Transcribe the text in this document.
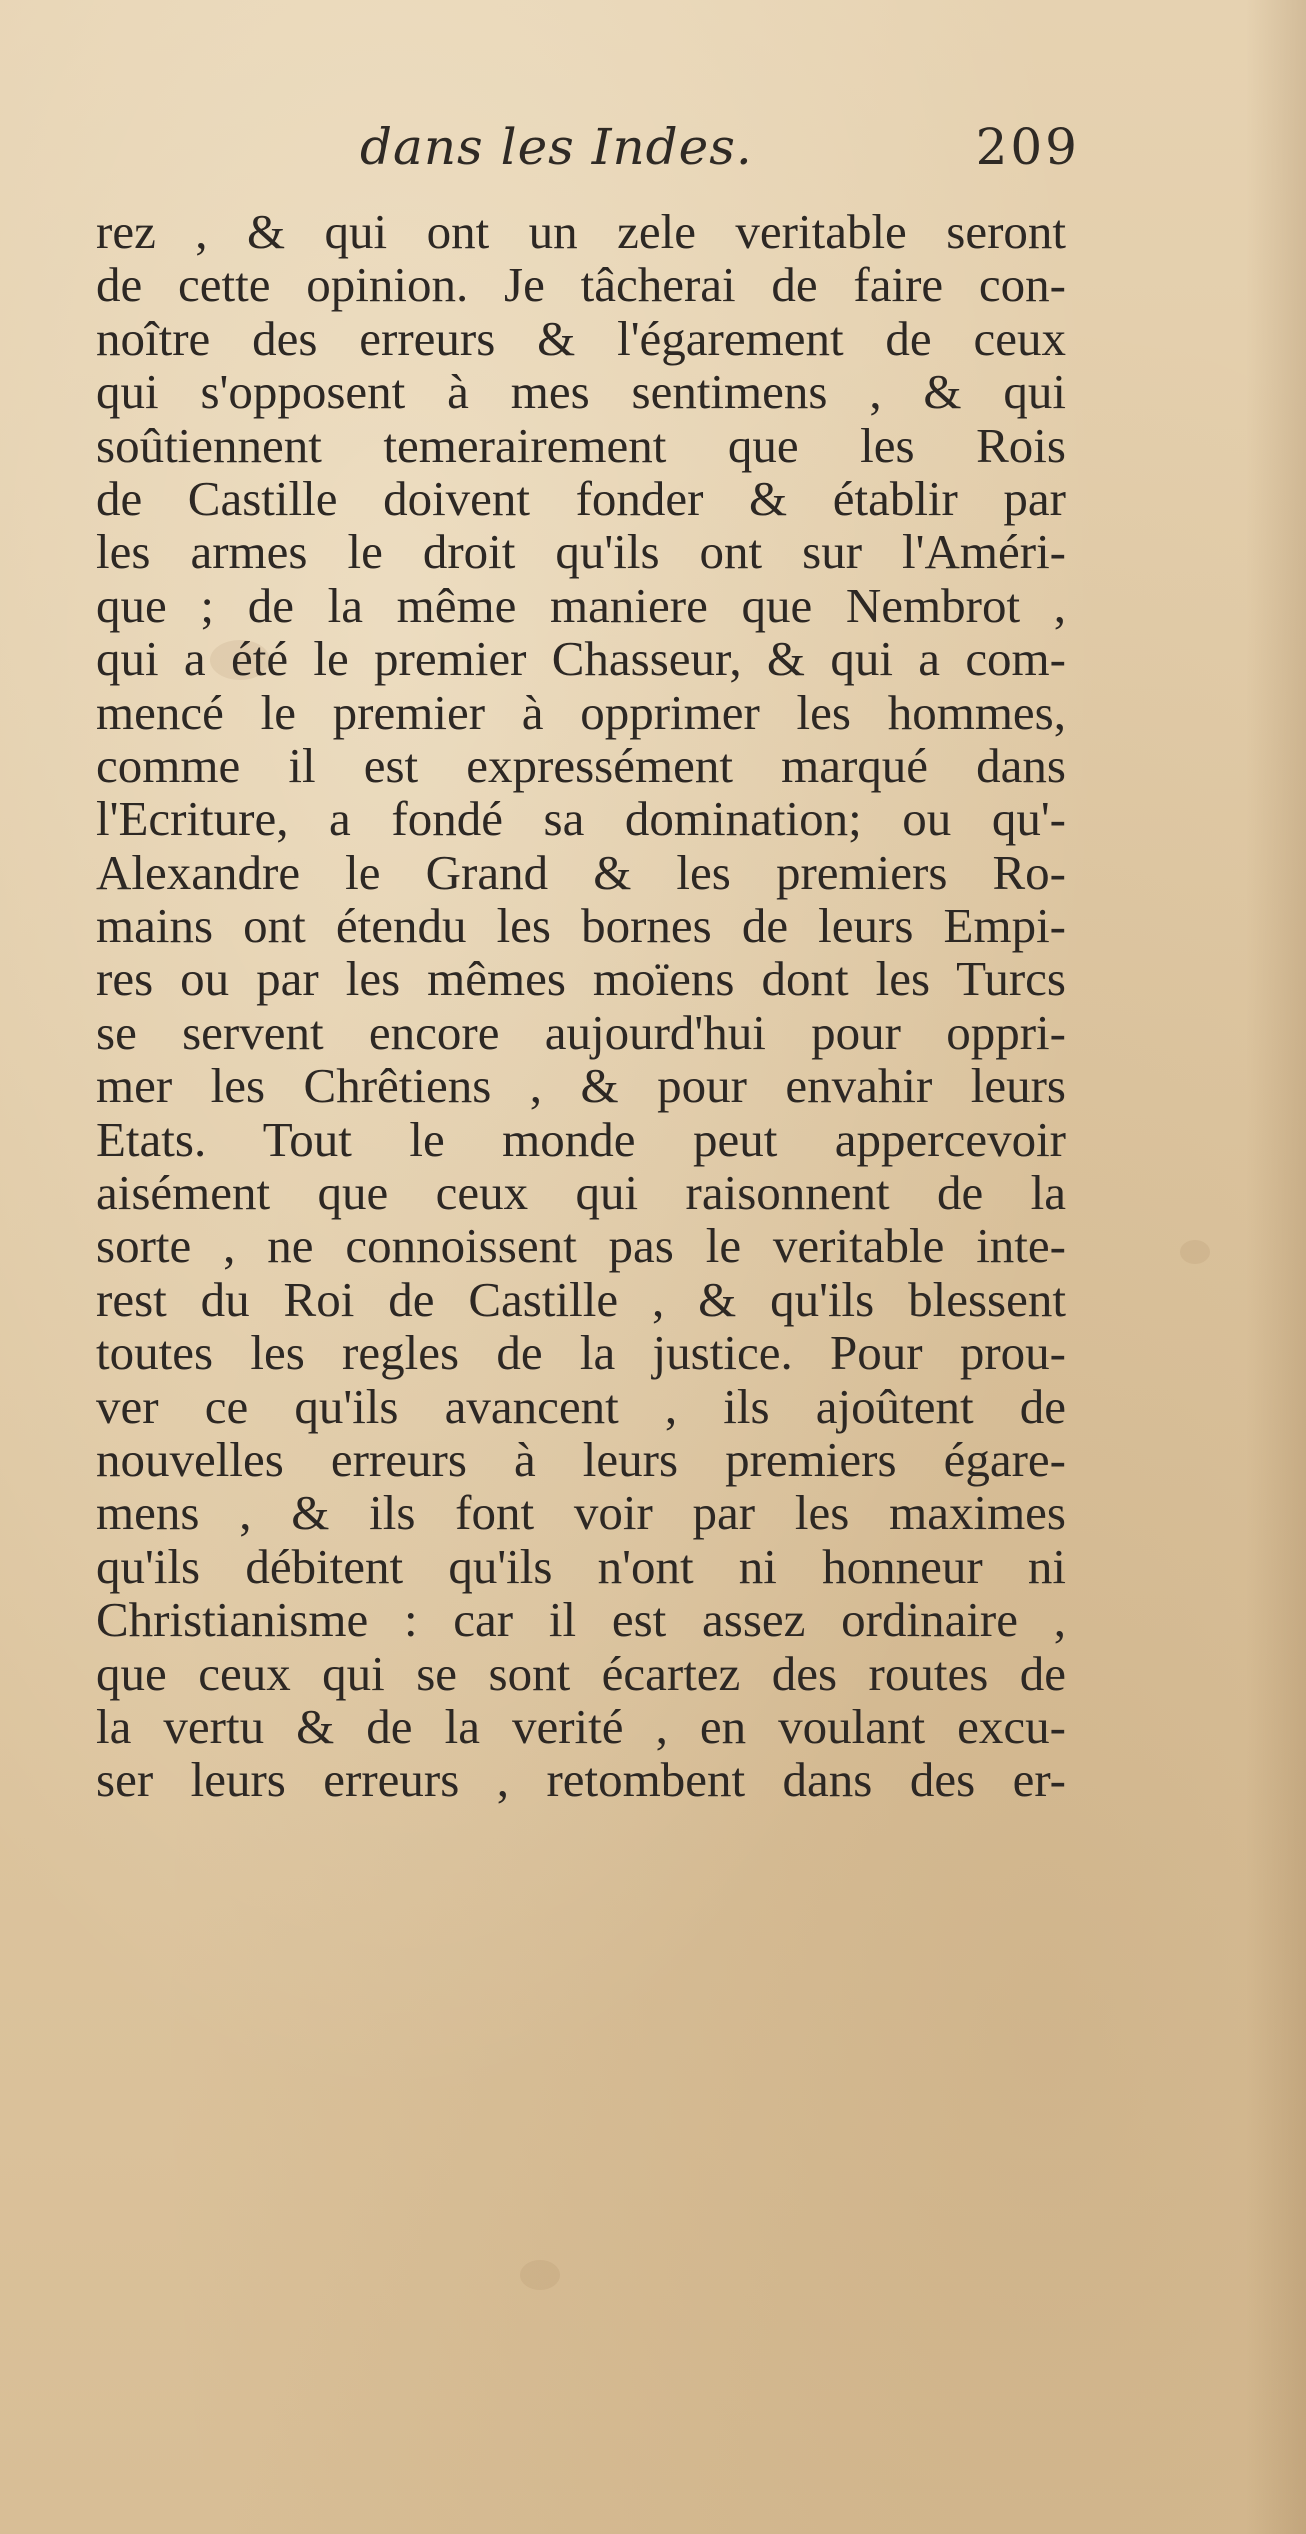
dans les Indes.	209
rez , & qui ont un zele veritable seront
de cette opinion. Je tâcherai de faire con-
noître des erreurs & l'égarement de ceux
qui s'opposent à mes sentimens , & qui
soûtiennent temerairement que les Rois
de Castille doivent fonder & établir par
les armes le droit qu'ils ont sur l'Améri-
que ; de la même maniere que Nembrot ,
qui a été le premier Chasseur, & qui a com-
mencé le premier à opprimer les hommes,
comme il est expressément marqué dans
l'Ecriture, a fondé sa domination; ou qu'-
Alexandre le Grand & les premiers Ro-
mains ont étendu les bornes de leurs Empi-
res ou par les mêmes moïens dont les Turcs
se servent encore aujourd'hui pour oppri-
mer les Chrêtiens , & pour envahir leurs
Etats. Tout le monde peut appercevoir
aisément que ceux qui raisonnent de la
sorte , ne connoissent pas le veritable inte-
rest du Roi de Castille , & qu'ils blessent
toutes les regles de la justice. Pour prou-
ver ce qu'ils avancent , ils ajoûtent de
nouvelles erreurs à leurs premiers égare-
mens , & ils font voir par les maximes
qu'ils débitent qu'ils n'ont ni honneur ni
Christianisme : car il est assez ordinaire ,
que ceux qui se sont écartez des routes de
la vertu & de la verité , en voulant excu-
ser leurs erreurs , retombent dans des er-
